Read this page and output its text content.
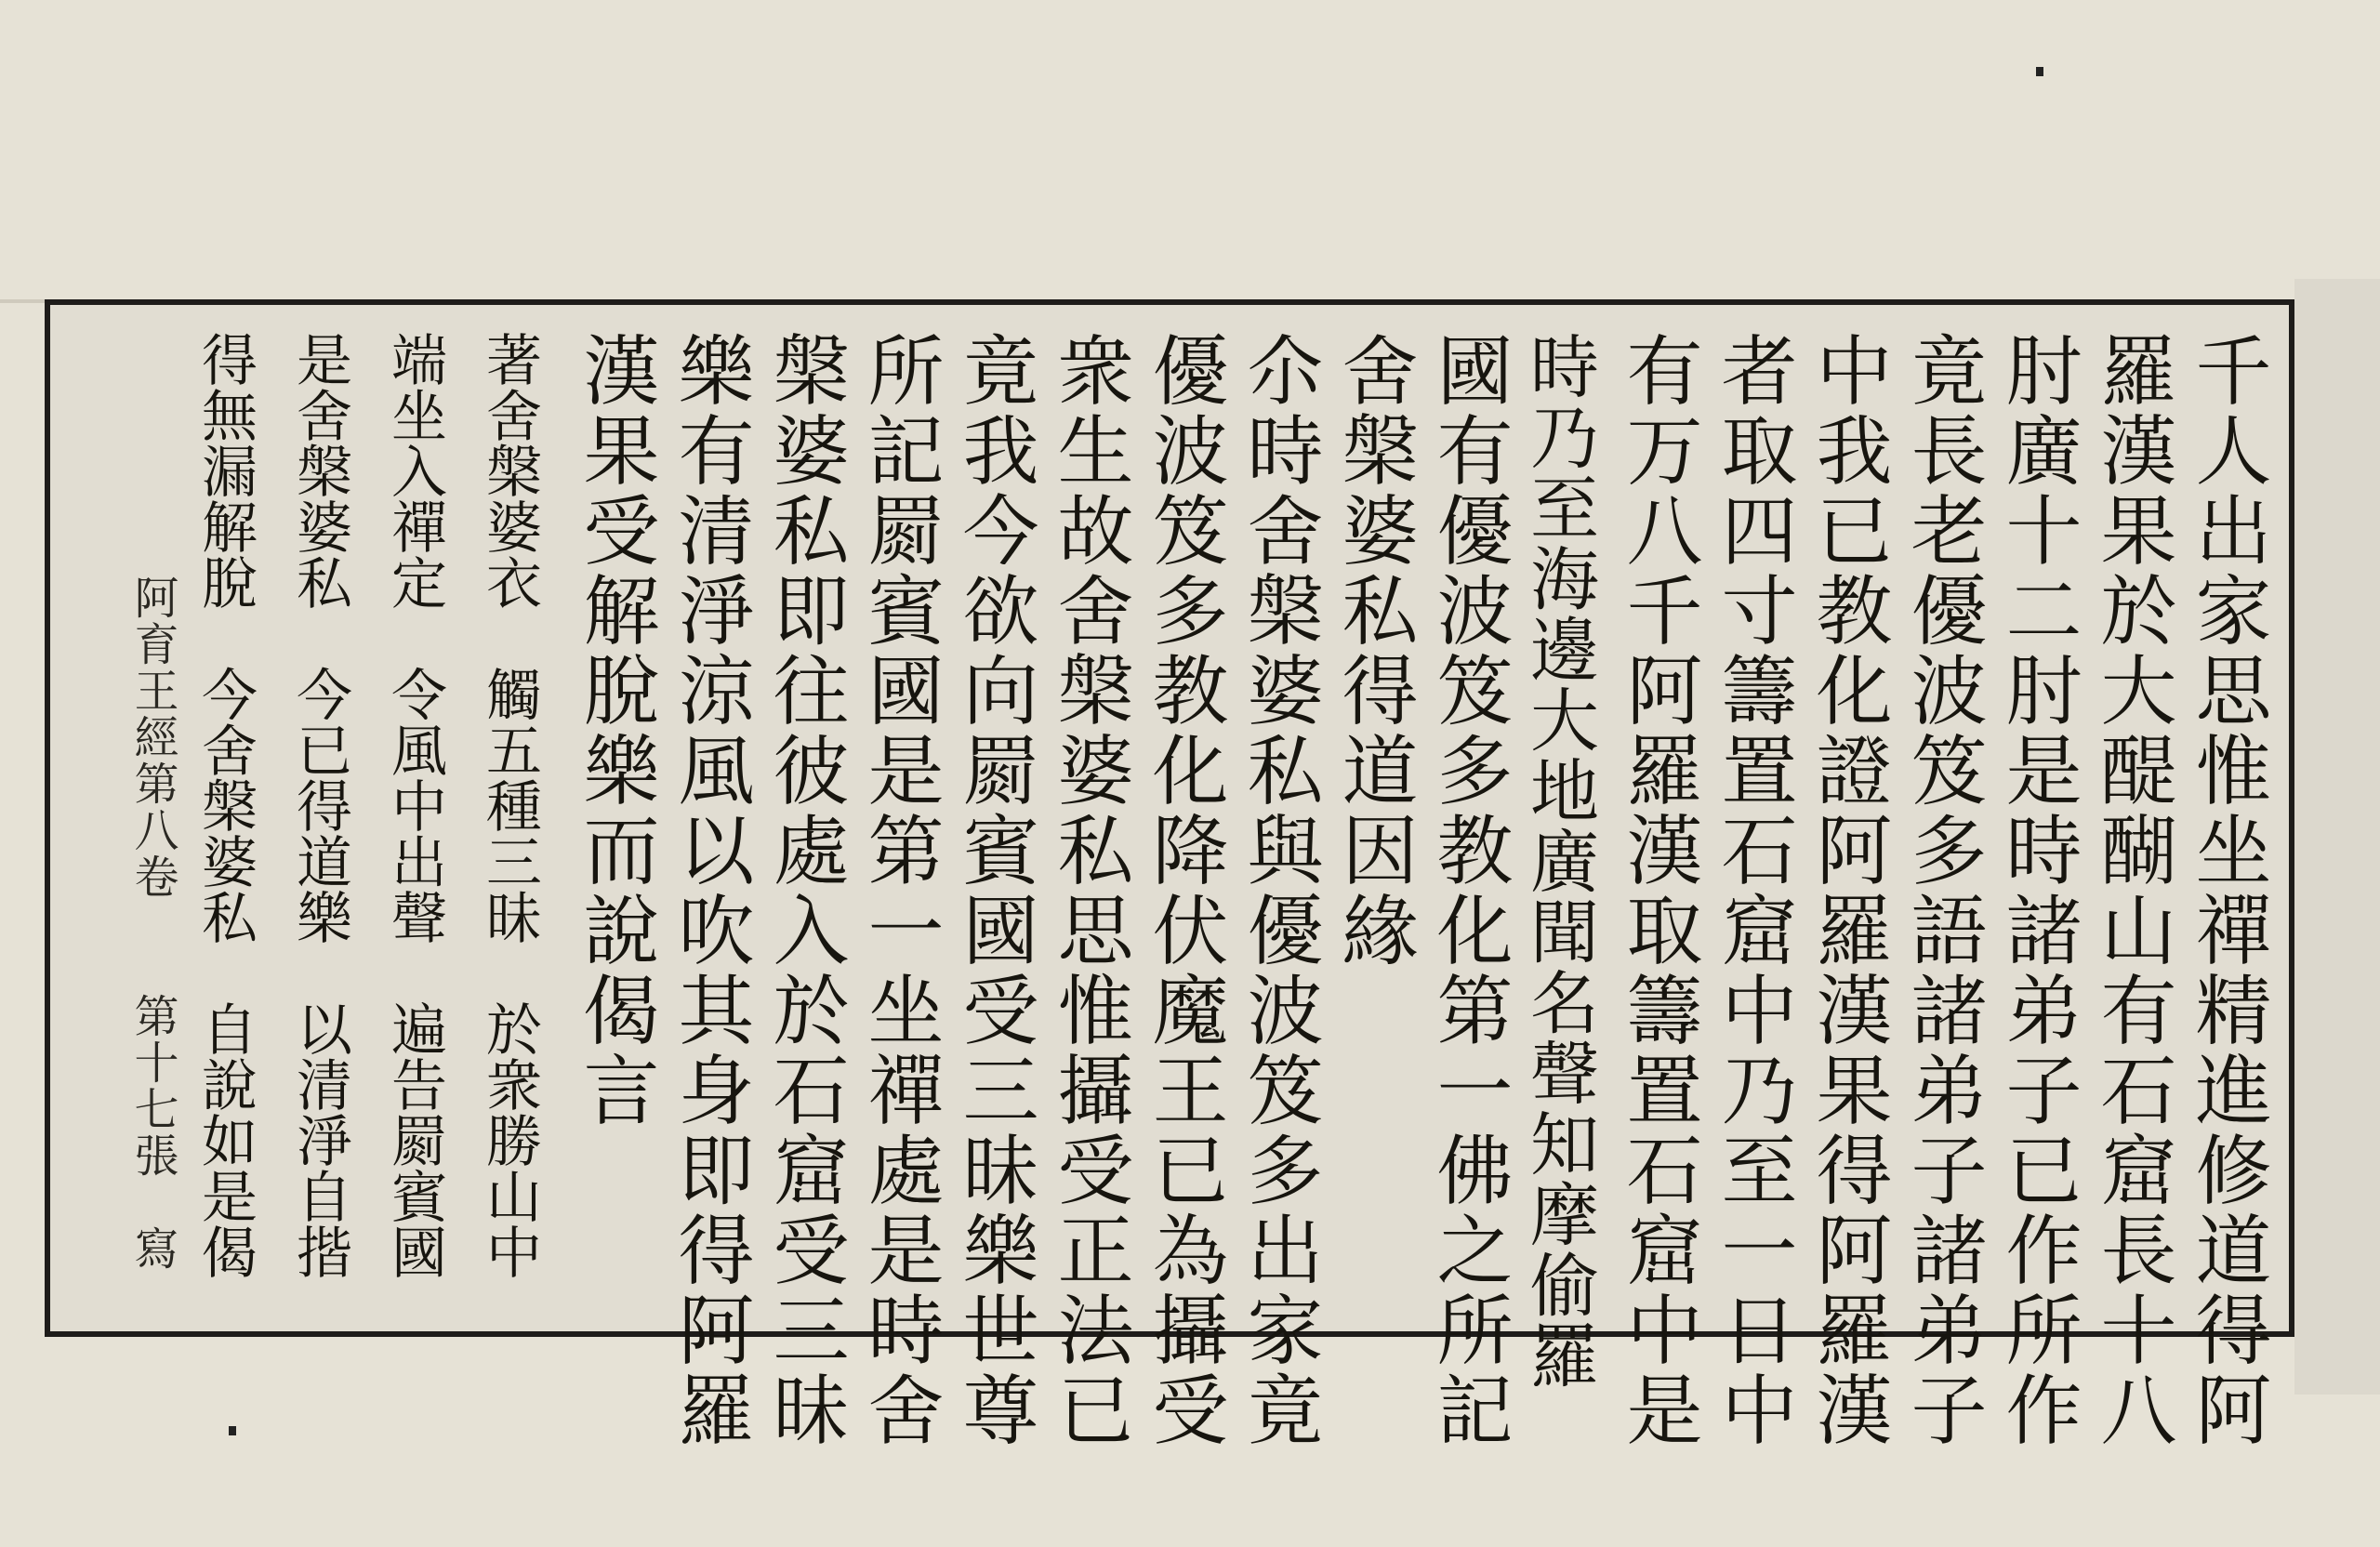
千人出家思惟坐禪精進修道得阿
羅漢果於大醍醐山有石窟長十八
肘廣十二肘是時諸弟子已作所作
竟長老優波笈多語諸弟子諸弟子
中我已教化證阿羅漢果得阿羅漢
者取四寸籌置石窟中乃至一日中
有万八千阿羅漢取籌置石窟中是
時乃至海邊大地廣聞名聲知摩偷羅
國有優波笈多教化第一佛之所記
舍槃婆私得道因緣
尒時舍槃婆私與優波笈多出家竟
優波笈多教化降伏魔王已為攝受
衆生故舍槃婆私思惟攝受正法已
竟我今欲向罽賓國受三昧樂世尊
所記罽賓國是第一坐禪處是時舍
槃婆私即往彼處入於石窟受三昧
樂有清淨涼風以吹其身即得阿羅
漢果受解脫樂而說偈言
著舍槃婆衣　觸五種三昧　於衆勝山中
端坐入禪定　令風中出聲　遍告罽賓國
是舍槃婆私　今已得道樂　以清淨自揩
得無漏解脫　今舍槃婆私　自說如是偈
阿育王經第八卷　　第十七張　寫
